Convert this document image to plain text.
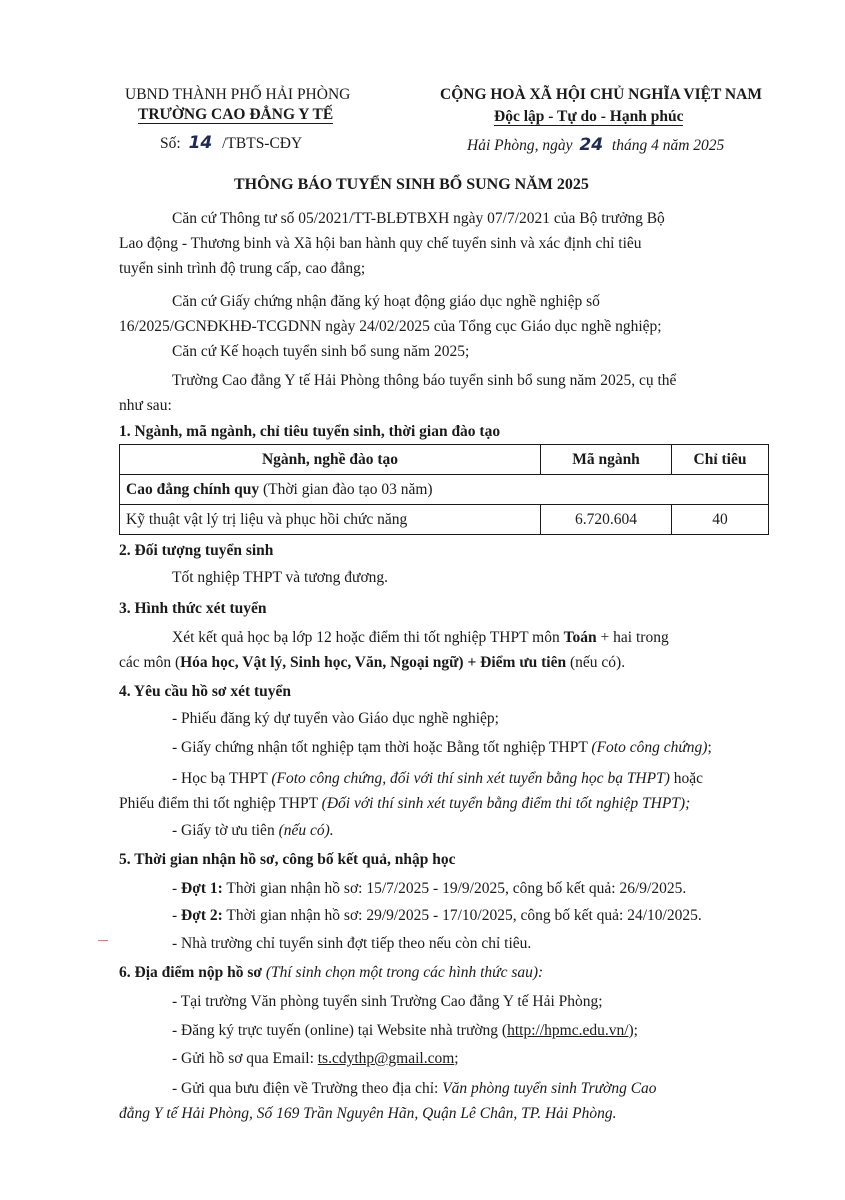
UBND THÀNH PHỐ HẢI PHÒNG
TRƯỜNG CAO ĐẲNG Y TẾ
Số: 14 /TBTS-CĐY
CỘNG HOÀ XÃ HỘI CHỦ NGHĨA VIỆT NAM
Độc lập - Tự do - Hạnh phúc
Hải Phòng, ngày 24 tháng 4 năm 2025
THÔNG BÁO TUYỂN SINH BỔ SUNG NĂM 2025
Căn cứ Thông tư số 05/2021/TT-BLĐTBXH ngày 07/7/2021 của Bộ trưởng Bộ
Lao động - Thương binh và Xã hội ban hành quy chế tuyển sinh và xác định chỉ tiêu
tuyển sinh trình độ trung cấp, cao đẳng;
Căn cứ Giấy chứng nhận đăng ký hoạt động giáo dục nghề nghiệp số
16/2025/GCNĐKHĐ-TCGDNN ngày 24/02/2025 của Tổng cục Giáo dục nghề nghiệp;
Căn cứ Kế hoạch tuyển sinh bổ sung năm 2025;
Trường Cao đẳng Y tế Hải Phòng thông báo tuyển sinh bổ sung năm 2025, cụ thể
như sau:
1. Ngành, mã ngành, chỉ tiêu tuyển sinh, thời gian đào tạo
Ngành, nghề đào tạo	Mã ngành	Chỉ tiêu
Cao đẳng chính quy (Thời gian đào tạo 03 năm)		
Kỹ thuật vật lý trị liệu và phục hồi chức năng	6.720.604	40
2. Đối tượng tuyển sinh
Tốt nghiệp THPT và tương đương.
3. Hình thức xét tuyển
Xét kết quả học bạ lớp 12 hoặc điểm thi tốt nghiệp THPT môn Toán + hai trong
các môn (Hóa học, Vật lý, Sinh học, Văn, Ngoại ngữ) + Điểm ưu tiên (nếu có).
4. Yêu cầu hồ sơ xét tuyển
- Phiếu đăng ký dự tuyển vào Giáo dục nghề nghiệp;
- Giấy chứng nhận tốt nghiệp tạm thời hoặc Bằng tốt nghiệp THPT (Foto công chứng);
- Học bạ THPT (Foto công chứng, đối với thí sinh xét tuyển bằng học bạ THPT) hoặc
Phiếu điểm thi tốt nghiệp THPT (Đối với thí sinh xét tuyển bằng điểm thi tốt nghiệp THPT);
- Giấy tờ ưu tiên (nếu có).
5. Thời gian nhận hồ sơ, công bố kết quả, nhập học
- Đợt 1: Thời gian nhận hồ sơ: 15/7/2025 - 19/9/2025, công bố kết quả: 26/9/2025.
- Đợt 2: Thời gian nhận hồ sơ: 29/9/2025 - 17/10/2025, công bố kết quả: 24/10/2025.
- Nhà trường chỉ tuyển sinh đợt tiếp theo nếu còn chỉ tiêu.
6. Địa điểm nộp hồ sơ (Thí sinh chọn một trong các hình thức sau):
- Tại trường Văn phòng tuyển sinh Trường Cao đẳng Y tế Hải Phòng;
- Đăng ký trực tuyến (online) tại Website nhà trường (http://hpmc.edu.vn/);
- Gửi hồ sơ qua Email: ts.cdythp@gmail.com;
- Gửi qua bưu điện về Trường theo địa chỉ: Văn phòng tuyển sinh Trường Cao
đẳng Y tế Hải Phòng, Số 169 Trần Nguyên Hãn, Quận Lê Chân, TP. Hải Phòng.
